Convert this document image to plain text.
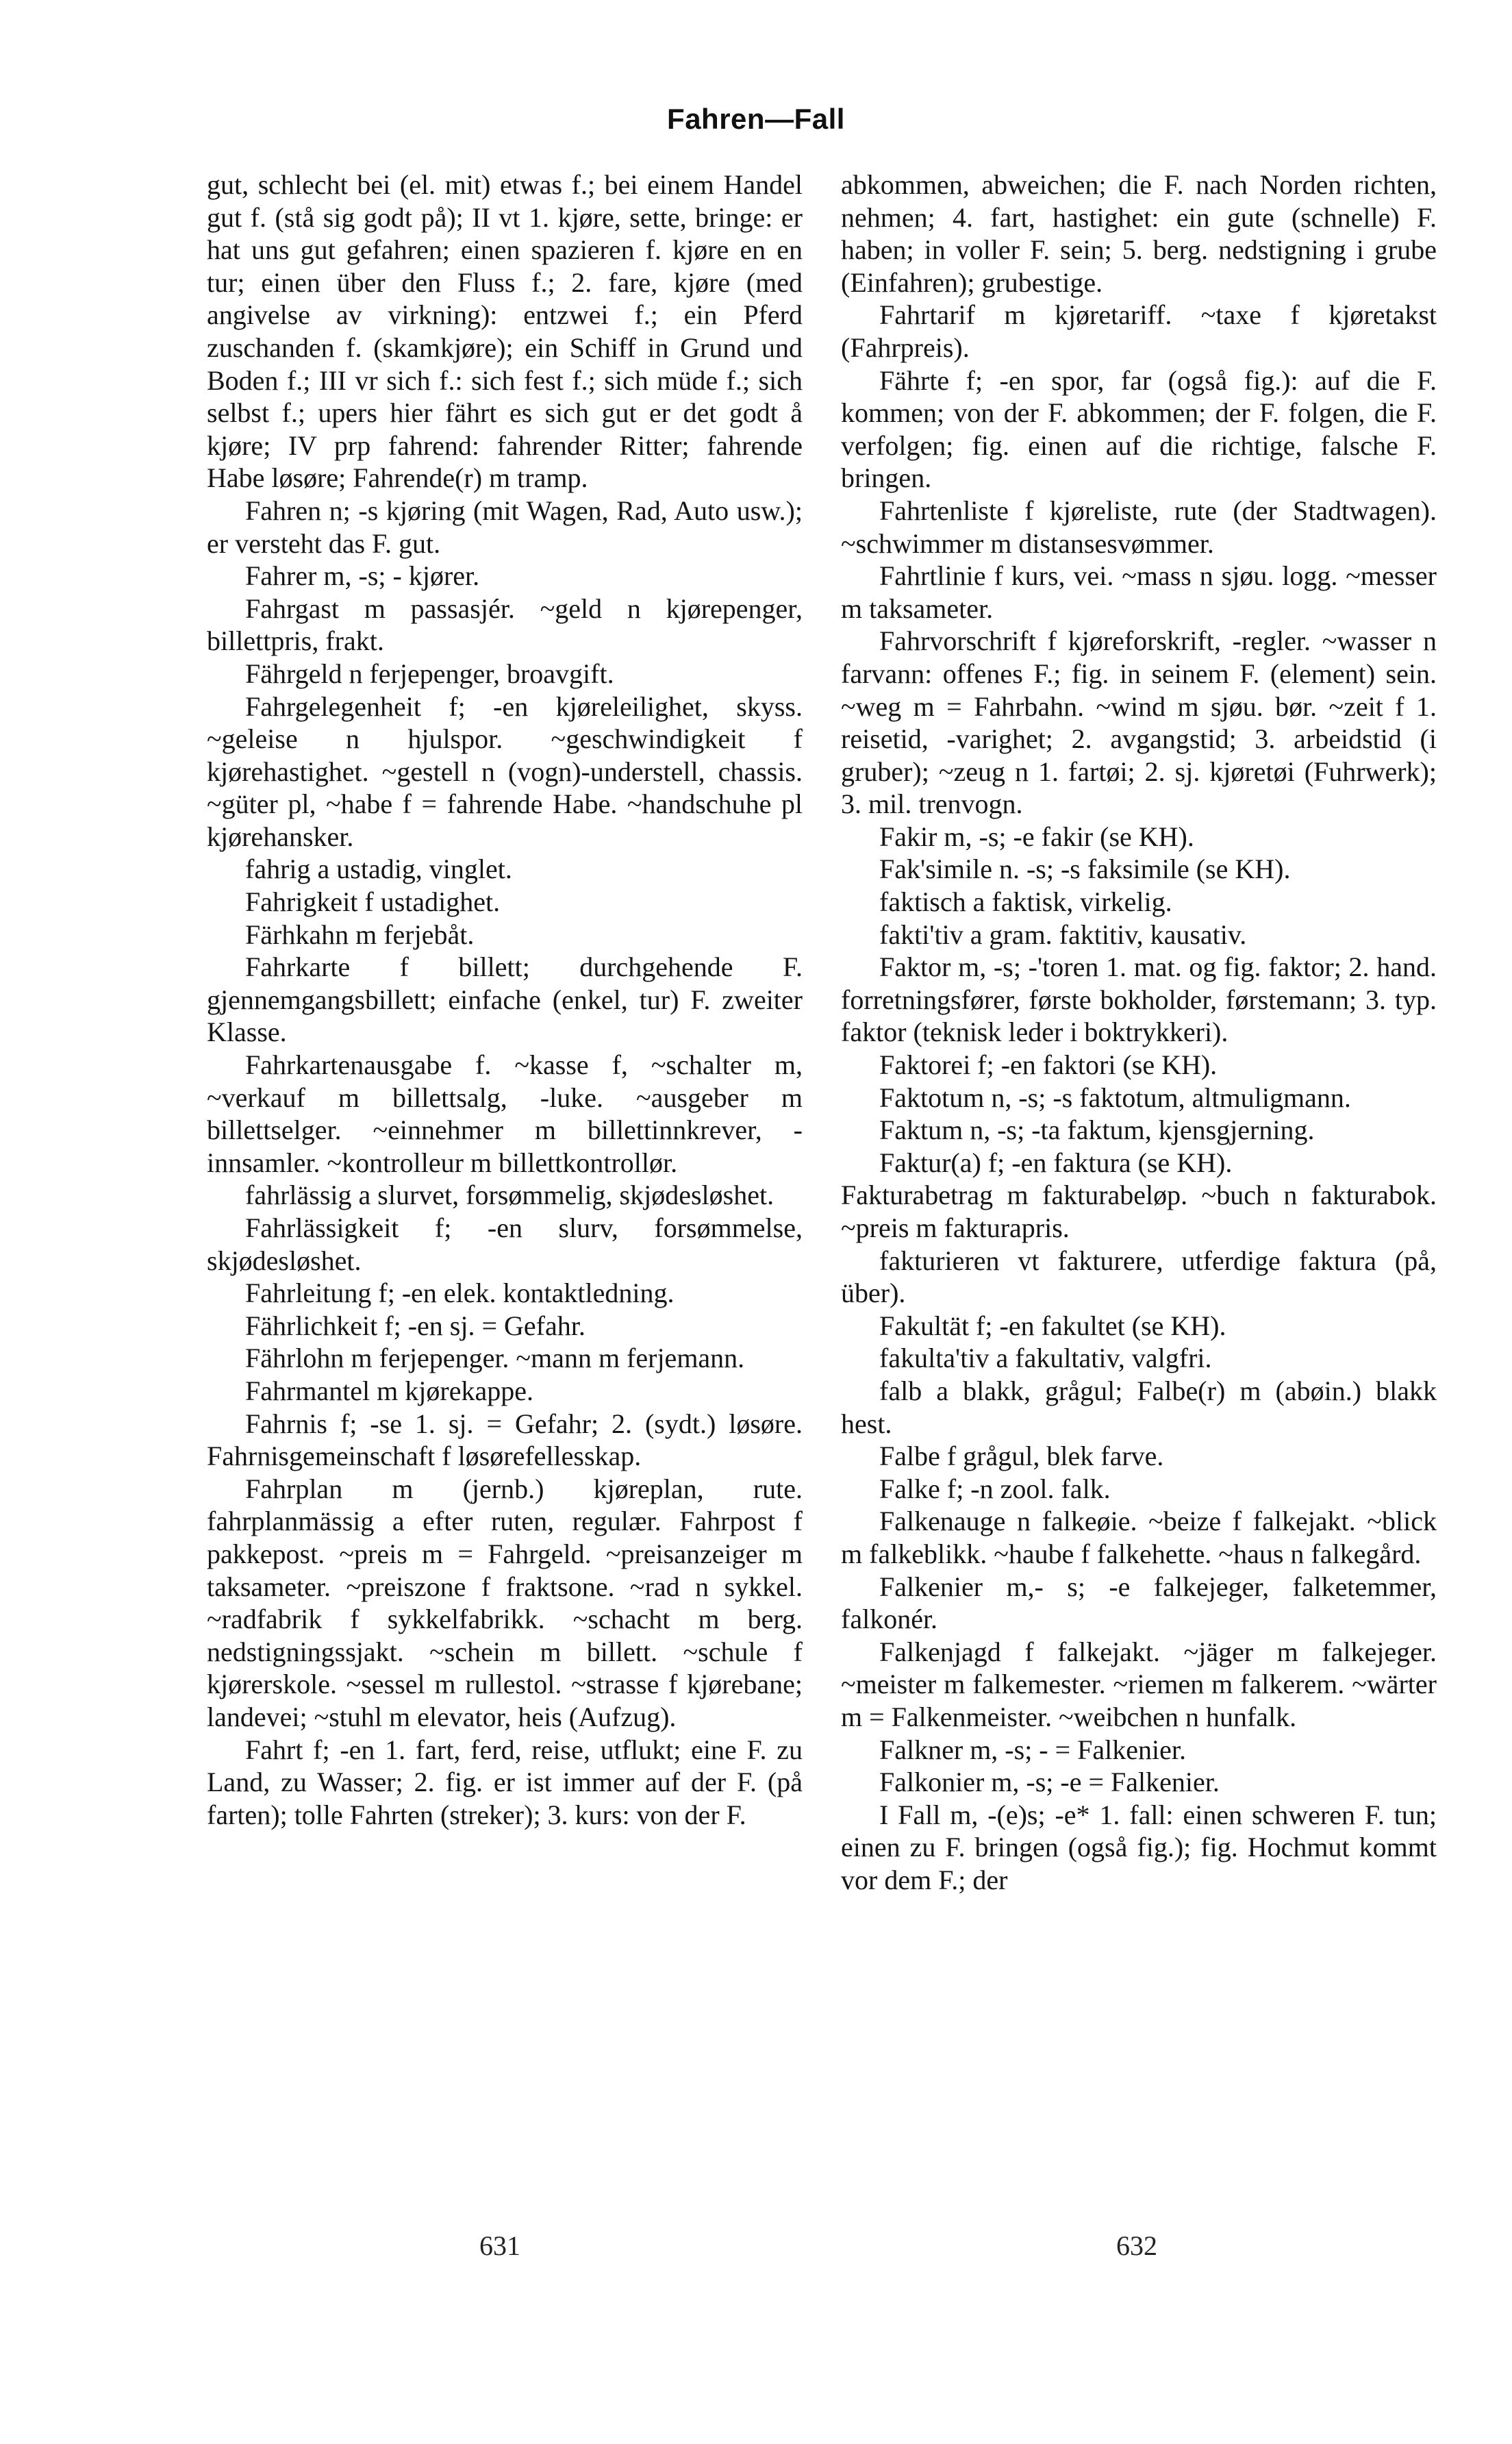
Fahren—Fall

gut, schlecht bei (el. mit) etwas f.; bei einem Handel gut f. (stå sig godt på); II vt 1. kjøre, sette, bringe: er hat uns gut gefahren; einen spazieren f. kjøre en en tur; einen über den Fluss f.; 2. fare, kjøre (med angivelse av virkning): entzwei f.; ein Pferd zuschanden f. (skamkjøre); ein Schiff in Grund und Boden f.; III vr sich f.: sich fest f.; sich müde f.; sich selbst f.; upers hier fährt es sich gut er det godt å kjøre; IV prp fahrend: fahrender Ritter; fahrende Habe løsøre; Fahrende(r) m tramp.

Fahren n; -s kjøring (mit Wagen, Rad, Auto usw.); er versteht das F. gut.

Fahrer m, -s; - kjører.

Fahrgast m passasjér. ~geld n kjørepenger, billettpris, frakt.

Fährgeld n ferjepenger, broavgift.

Fahrgelegenheit f; -en kjøreleilighet, skyss. ~geleise n hjulspor. ~geschwindigkeit f kjørehastighet. ~gestell n (vogn)-understell, chassis. ~güter pl, ~habe f = fahrende Habe. ~handschuhe pl kjørehansker.

fahrig a ustadig, vinglet.

Fahrigkeit f ustadighet.

Färhkahn m ferjebåt.

Fahrkarte f billett; durchgehende F. gjennemgangsbillett; einfache (enkel, tur) F. zweiter Klasse.

Fahrkartenausgabe f. ~kasse f, ~schalter m, ~verkauf m billettsalg, -luke. ~ausgeber m billettselger. ~einnehmer m billettinnkrever, -innsamler. ~kontrolleur m billettkontrollør.

fahrlässig a slurvet, forsømmelig, skjødesløshet.

Fahrlässigkeit f; -en slurv, forsømmelse, skjødesløshet.

Fahrleitung f; -en elek. kontaktledning.

Fährlichkeit f; -en sj. = Gefahr.

Fährlohn m ferjepenger. ~mann m ferjemann.

Fahrmantel m kjørekappe.

Fahrnis f; -se 1. sj. = Gefahr; 2. (sydt.) løsøre. Fahrnisgemeinschaft f løsørefellesskap.

Fahrplan m (jernb.) kjøreplan, rute. fahrplanmässig a efter ruten, regulær. Fahrpost f pakkepost. ~preis m = Fahrgeld. ~preisanzeiger m taksameter. ~preiszone f fraktsone. ~rad n sykkel. ~radfabrik f sykkelfabrikk. ~schacht m berg. nedstigningssjakt. ~schein m billett. ~schule f kjørerskole. ~sessel m rullestol. ~strasse f kjørebane; landevei; ~stuhl m elevator, heis (Aufzug).

Fahrt f; -en 1. fart, ferd, reise, utflukt; eine F. zu Land, zu Wasser; 2. fig. er ist immer auf der F. (på farten); tolle Fahrten (streker); 3. kurs: von der F.

abkommen, abweichen; die F. nach Norden richten, nehmen; 4. fart, hastighet: ein gute (schnelle) F. haben; in voller F. sein; 5. berg. nedstigning i grube (Einfahren); grubestige.

Fahrtarif m kjøretariff. ~taxe f kjøretakst (Fahrpreis).

Fährte f; -en spor, far (også fig.): auf die F. kommen; von der F. abkommen; der F. folgen, die F. verfolgen; fig. einen auf die richtige, falsche F. bringen.

Fahrtenliste f kjøreliste, rute (der Stadtwagen). ~schwimmer m distansesvømmer.

Fahrtlinie f kurs, vei. ~mass n sjøu. logg. ~messer m taksameter.

Fahrvorschrift f kjøreforskrift, -regler. ~wasser n farvann: offenes F.; fig. in seinem F. (element) sein. ~weg m = Fahrbahn. ~wind m sjøu. bør. ~zeit f 1. reisetid, -varighet; 2. avgangstid; 3. arbeidstid (i gruber); ~zeug n 1. fartøi; 2. sj. kjøretøi (Fuhrwerk); 3. mil. trenvogn.

Fakir m, -s; -e fakir (se KH).

Fak'simile n. -s; -s faksimile (se KH).

faktisch a faktisk, virkelig.

fakti'tiv a gram. faktitiv, kausativ.

Faktor m, -s; -'toren 1. mat. og fig. faktor; 2. hand. forretningsfører, første bokholder, førstemann; 3. typ. faktor (teknisk leder i boktrykkeri).

Faktorei f; -en faktori (se KH).

Faktotum n, -s; -s faktotum, altmuligmann.

Faktum n, -s; -ta faktum, kjensgjerning.

Faktur(a) f; -en faktura (se KH).

Fakturabetrag m fakturabeløp. ~buch n fakturabok. ~preis m fakturapris.

fakturieren vt fakturere, utferdige faktura (på, über).

Fakultät f; -en fakultet (se KH).

fakulta'tiv a fakultativ, valgfri.

falb a blakk, grågul; Falbe(r) m (abøin.) blakk hest.

Falbe f grågul, blek farve.

Falke f; -n zool. falk.

Falkenauge n falkeøie. ~beize f falkejakt. ~blick m falkeblikk. ~haube f falkehette. ~haus n falkegård.

Falkenier m,- s; -e falkejeger, falketemmer, falkonér.

Falkenjagd f falkejakt. ~jäger m falkejeger. ~meister m falkemester. ~riemen m falkerem. ~wärter m = Falkenmeister. ~weibchen n hunfalk.

Falkner m, -s; - = Falkenier.

Falkonier m, -s; -e = Falkenier.

I Fall m, -(e)s; -e* 1. fall: einen schweren F. tun; einen zu F. bringen (også fig.); fig. Hochmut kommt vor dem F.; der

631	632
